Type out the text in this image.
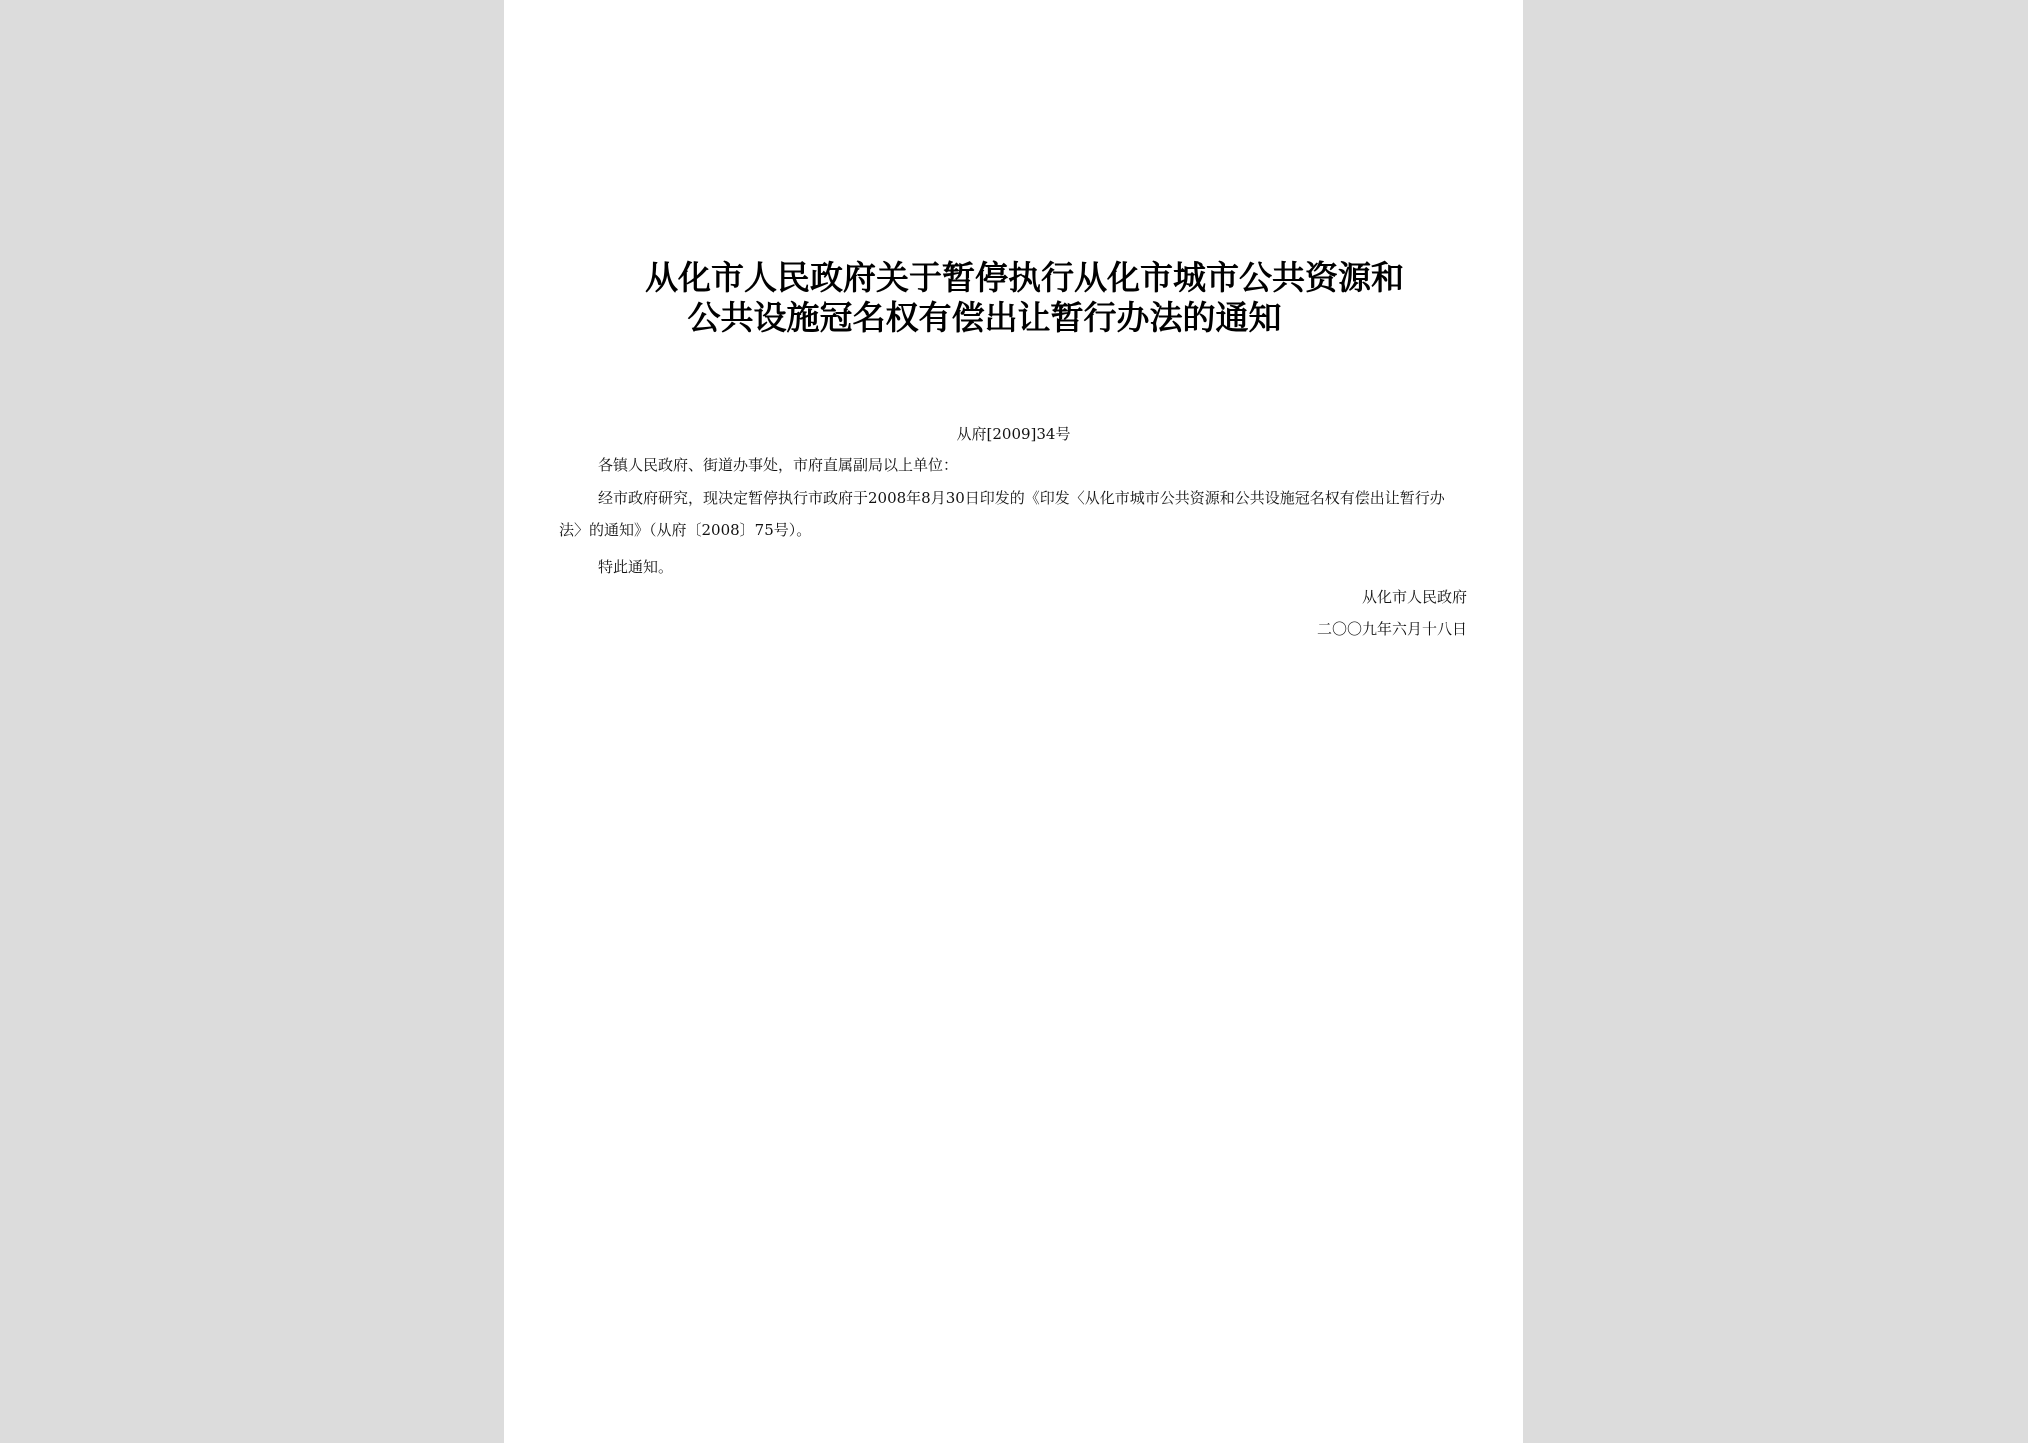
从化市人民政府关于暂停执行从化市城市公共资源和
公共设施冠名权有偿出让暂行办法的通知
从府[2009]34号
各镇人民政府、街道办事处，市府直属副局以上单位：
经市政府研究，现决定暂停执行市政府于2008年8月30日印发的《印发〈从化市城市公共资源和公共设施冠名权有偿出让暂行办法〉的通知》（从府〔2008〕75号）。
特此通知。
从化市人民政府
二〇〇九年六月十八日
